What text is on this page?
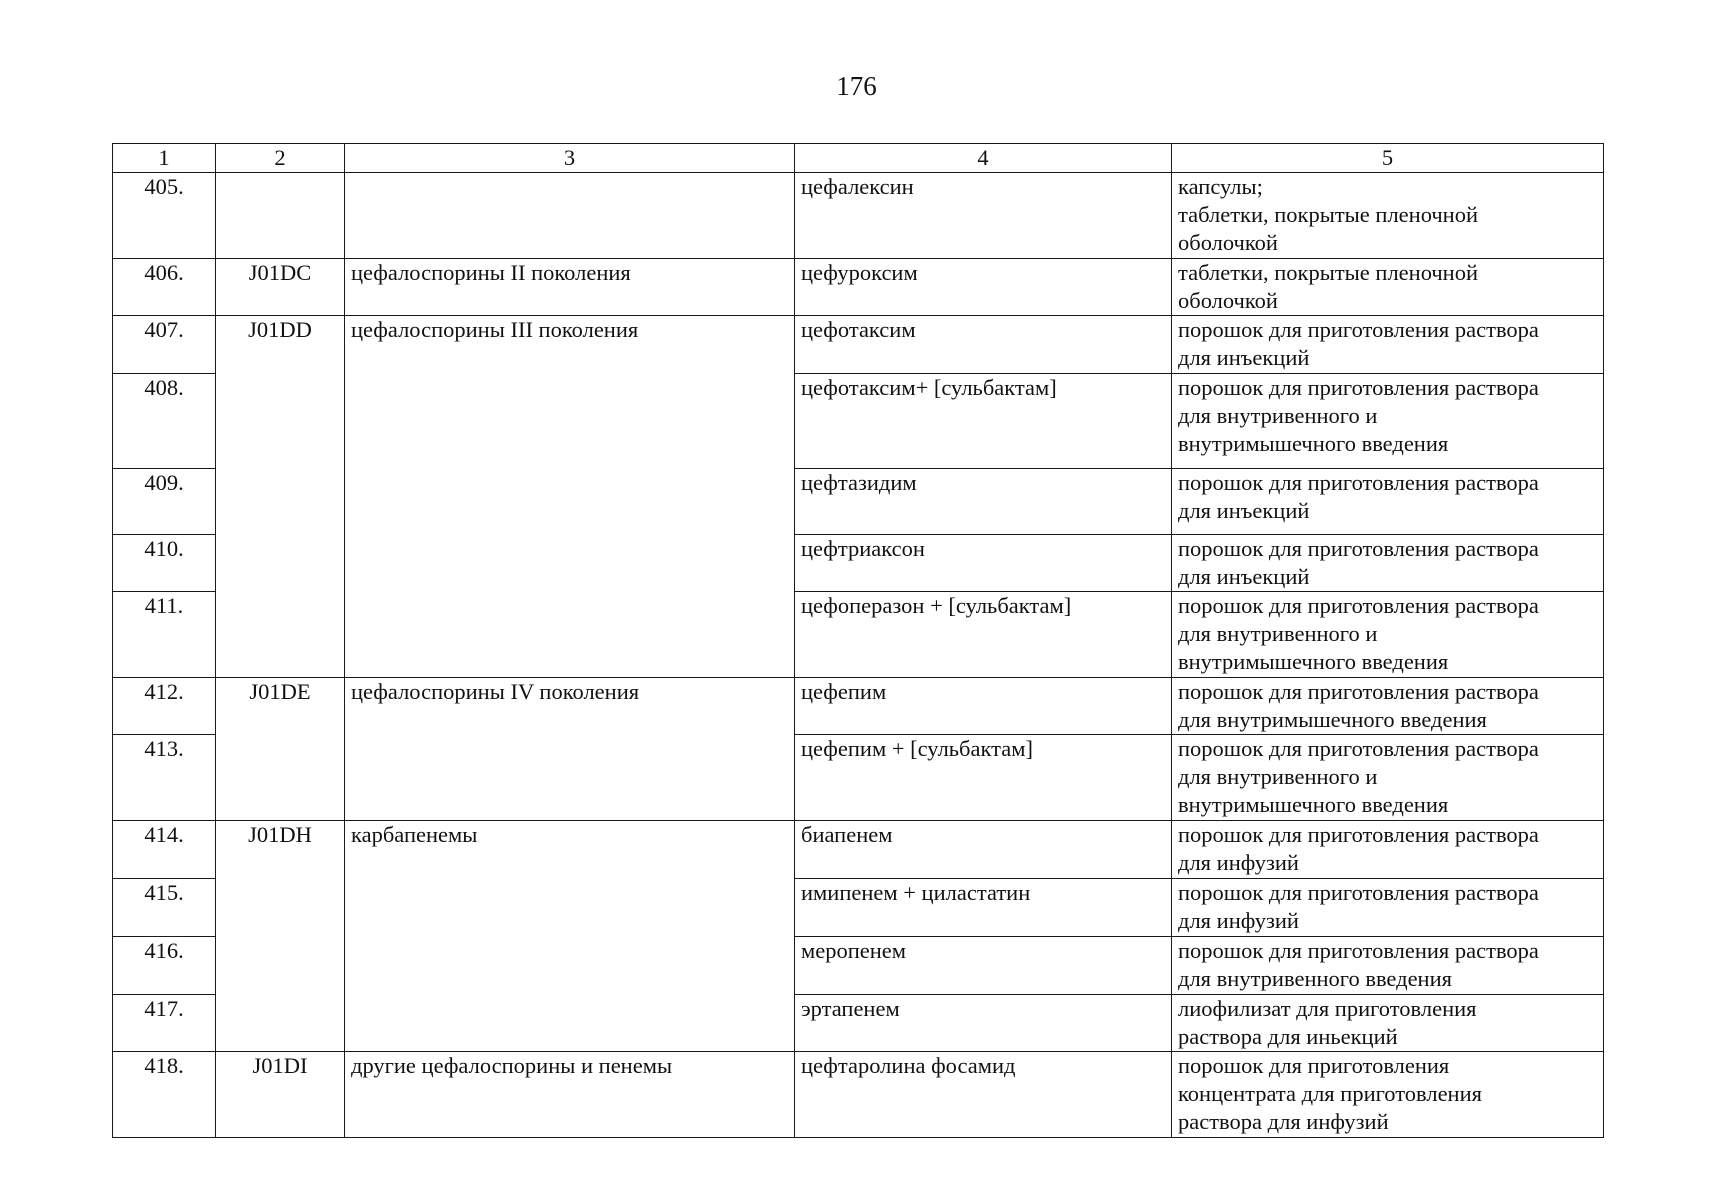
176
1	2	3	4	5
405.			цефалексин	капсулы;
таблетки, покрытые пленочной
оболочкой

406.	J01DC	цефалоспорины II поколения	цефуроксим	таблетки, покрытые пленочной
оболочкой

407.	J01DD	цефалоспорины III поколения	цефотаксим	порошок для приготовления раствора
для инъекций

408.			цефотаксим+ [сульбактам]	порошок для приготовления раствора
для внутривенного и
внутримышечного введения

409.			цефтазидим	порошок для приготовления раствора
для инъекций

410.			цефтриаксон	порошок для приготовления раствора
для инъекций

411.			цефоперазон + [сульбактам]	порошок для приготовления раствора
для внутривенного и
внутримышечного введения

412.	J01DE	цефалоспорины IV поколения	цефепим	порошок для приготовления раствора
для внутримышечного введения

413.			цефепим + [сульбактам]	порошок для приготовления раствора
для внутривенного и
внутримышечного введения

414.	J01DH	карбапенемы	биапенем	порошок для приготовления раствора
для инфузий

415.			имипенем + циластатин	порошок для приготовления раствора
для инфузий

416.			меропенем	порошок для приготовления раствора
для внутривенного введения

417.			эртапенем	лиофилизат для приготовления
раствора для иньекций

418.	J01DI	другие цефалоспорины и пенемы	цефтаролина фосамид	порошок для приготовления
концентрата для приготовления
раствора для инфузий
